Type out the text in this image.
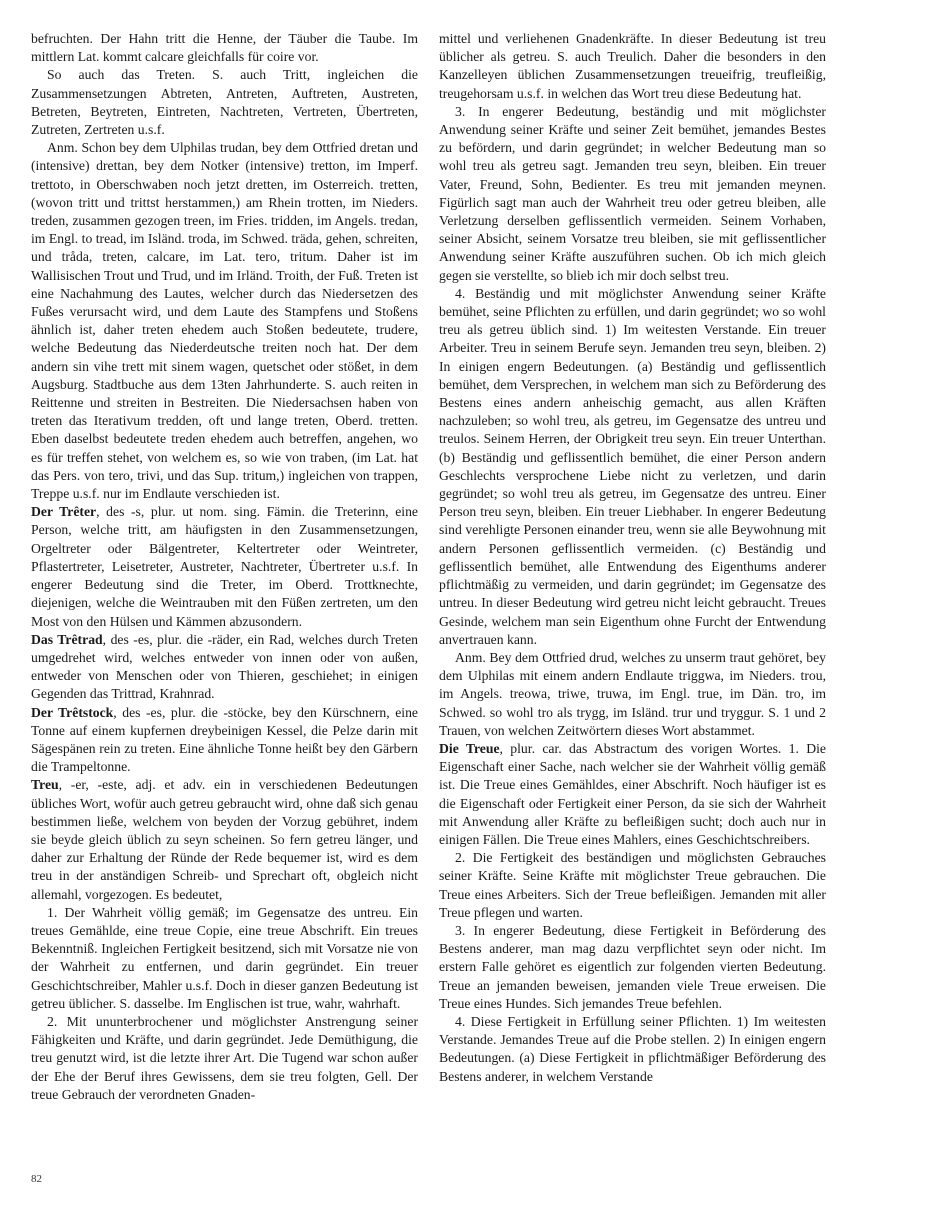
befruchten. Der Hahn tritt die Henne, der Täuber die Taube. Im mittlern Lat. kommt calcare gleichfalls für coire vor.

So auch das Treten. S. auch Tritt, ingleichen die Zusammensetzungen Abtreten, Antreten, Auftreten, Austreten, Betreten, Beytreten, Eintreten, Nachtreten, Vertreten, Übertreten, Zutreten, Zertreten u.s.f.

Anm. Schon bey dem Ulphilas trudan, bey dem Ottfried dretan und (intensive) drettan, bey dem Notker (intensive) tretton, im Imperf. trettoto, in Oberschwaben noch jetzt dretten, im Osterreich. tretten, (wovon tritt und trittst herstammen,) am Rhein trotten, im Nieders. treden, zusammen gezogen treen, im Fries. tridden, im Angels. tredan, im Engl. to tread, im Isländ. troda, im Schwed. träda, gehen, schreiten, und tråda, treten, calcare, im Lat. tero, tritum. Daher ist im Wallisischen Trout und Trud, und im Irländ. Troith, der Fuß. Treten ist eine Nachahmung des Lautes, welcher durch das Niedersetzen des Fußes verursacht wird, und dem Laute des Stampfens und Stoßens ähnlich ist, daher treten ehedem auch Stoßen bedeutete, trudere, welche Bedeutung das Niederdeutsche treiten noch hat. Der dem andern sin vihe trett mit sinem wagen, quetschet oder stößet, in dem Augsburg. Stadtbuche aus dem 13ten Jahrhunderte. S. auch reiten in Reittenne und streiten in Bestreiten. Die Niedersachsen haben von treten das Iterativum tredden, oft und lange treten, Oberd. tretten. Eben daselbst bedeutete treden ehedem auch betreffen, angehen, wo es für treffen stehet, von welchem es, so wie von traben, (im Lat. hat das Pers. von tero, trivi, und das Sup. tritum,) ingleichen von trappen, Treppe u.s.f. nur im Endlaute verschieden ist.

Der Trêter, des -s, plur. ut nom. sing. Fämin. die Treterinn, eine Person, welche tritt, am häufigsten in den Zusammensetzungen, Orgeltreter oder Bälgentreter, Keltertreter oder Weintreter, Pflastertreter, Leisetreter, Austreter, Nachtreter, Übertreter u.s.f. In engerer Bedeutung sind die Treter, im Oberd. Trottknechte, diejenigen, welche die Weintrauben mit den Füßen zertreten, um den Most von den Hülsen und Kämmen abzusondern.

Das Trêtrad, des -es, plur. die -räder, ein Rad, welches durch Treten umgedrehet wird, welches entweder von innen oder von außen, entweder von Menschen oder von Thieren, geschiehet; in einigen Gegenden das Trittrad, Krahnrad.

Der Trêtstock, des -es, plur. die -stöcke, bey den Kürschnern, eine Tonne auf einem kupfernen dreybeinigen Kessel, die Pelze darin mit Sägespänen rein zu treten. Eine ähnliche Tonne heißt bey den Gärbern die Trampeltonne.

Treu, -er, -este, adj. et adv. ein in verschiedenen Bedeutungen übliches Wort, wofür auch getreu gebraucht wird, ohne daß sich genau bestimmen ließe, welchem von beyden der Vorzug gebühret, indem sie beyde gleich üblich zu seyn scheinen. So fern getreu länger, und daher zur Erhaltung der Ründe der Rede bequemer ist, wird es dem treu in der anständigen Schreib- und Sprechart oft, obgleich nicht allemahl, vorgezogen. Es bedeutet,

1. Der Wahrheit völlig gemäß; im Gegensatze des untreu. Ein treues Gemählde, eine treue Copie, eine treue Abschrift. Ein treues Bekenntniß. Ingleichen Fertigkeit besitzend, sich mit Vorsatze nie von der Wahrheit zu entfernen, und darin gegründet. Ein treuer Geschichtschreiber, Mahler u.s.f. Doch in dieser ganzen Bedeutung ist getreu üblicher. S. dasselbe. Im Englischen ist true, wahr, wahrhaft.

2. Mit ununterbrochener und möglichster Anstrengung seiner Fähigkeiten und Kräfte, und darin gegründet. Jede Demüthigung, die treu genutzt wird, ist die letzte ihrer Art. Die Tugend war schon außer der Ehe der Beruf ihres Gewissens, dem sie treu folgten, Gell. Der treue Gebrauch der verordneten Gnaden-

mittel und verliehenen Gnadenkräfte. In dieser Bedeutung ist treu üblicher als getreu. S. auch Treulich. Daher die besonders in den Kanzelleyen üblichen Zusammensetzungen treueifrig, treufleißig, treugehorsam u.s.f. in welchen das Wort treu diese Bedeutung hat.

3. In engerer Bedeutung, beständig und mit möglichster Anwendung seiner Kräfte und seiner Zeit bemühet, jemandes Bestes zu befördern, und darin gegründet; in welcher Bedeutung man so wohl treu als getreu sagt. Jemanden treu seyn, bleiben. Ein treuer Vater, Freund, Sohn, Bedienter. Es treu mit jemanden meynen. Figürlich sagt man auch der Wahrheit treu oder getreu bleiben, alle Verletzung derselben geflissentlich vermeiden. Seinem Vorhaben, seiner Absicht, seinem Vorsatze treu bleiben, sie mit geflissentlicher Anwendung seiner Kräfte auszuführen suchen. Ob ich mich gleich gegen sie verstellte, so blieb ich mir doch selbst treu.

4. Beständig und mit möglichster Anwendung seiner Kräfte bemühet, seine Pflichten zu erfüllen, und darin gegründet; wo so wohl treu als getreu üblich sind. 1) Im weitesten Verstande. Ein treuer Arbeiter. Treu in seinem Berufe seyn. Jemanden treu seyn, bleiben. 2) In einigen engern Bedeutungen. (a) Beständig und geflissentlich bemühet, dem Versprechen, in welchem man sich zu Beförderung des Bestens eines andern anheischig gemacht, aus allen Kräften nachzuleben; so wohl treu, als getreu, im Gegensatze des untreu und treulos. Seinem Herren, der Obrigkeit treu seyn. Ein treuer Unterthan. (b) Beständig und geflissentlich bemühet, die einer Person andern Geschlechts versprochene Liebe nicht zu verletzen, und darin gegründet; so wohl treu als getreu, im Gegensatze des untreu. Einer Person treu seyn, bleiben. Ein treuer Liebhaber. In engerer Bedeutung sind verehligte Personen einander treu, wenn sie alle Beywohnung mit andern Personen geflissentlich vermeiden. (c) Beständig und geflissentlich bemühet, alle Entwendung des Eigenthums anderer pflichtmäßig zu vermeiden, und darin gegründet; im Gegensatze des untreu. In dieser Bedeutung wird getreu nicht leicht gebraucht. Treues Gesinde, welchem man sein Eigenthum ohne Furcht der Entwendung anvertrauen kann.

Anm. Bey dem Ottfried drud, welches zu unserm traut gehöret, bey dem Ulphilas mit einem andern Endlaute triggwa, im Nieders. trou, im Angels. treowa, triwe, truwa, im Engl. true, im Dän. tro, im Schwed. so wohl tro als trygg, im Isländ. trur und tryggur. S. 1 und 2 Trauen, von welchen Zeitwörtern dieses Wort abstammet.

Die Treue, plur. car. das Abstractum des vorigen Wortes. 1. Die Eigenschaft einer Sache, nach welcher sie der Wahrheit völlig gemäß ist. Die Treue eines Gemähldes, einer Abschrift. Noch häufiger ist es die Eigenschaft oder Fertigkeit einer Person, da sie sich der Wahrheit mit Anwendung aller Kräfte zu befleißigen sucht; doch auch nur in einigen Fällen. Die Treue eines Mahlers, eines Geschichtschreibers.

2. Die Fertigkeit des beständigen und möglichsten Gebrauches seiner Kräfte. Seine Kräfte mit möglichster Treue gebrauchen. Die Treue eines Arbeiters. Sich der Treue befleißigen. Jemanden mit aller Treue pflegen und warten.

3. In engerer Bedeutung, diese Fertigkeit in Beförderung des Bestens anderer, man mag dazu verpflichtet seyn oder nicht. Im erstern Falle gehöret es eigentlich zur folgenden vierten Bedeutung. Treue an jemanden beweisen, jemanden viele Treue erweisen. Die Treue eines Hundes. Sich jemandes Treue befehlen.

4. Diese Fertigkeit in Erfüllung seiner Pflichten. 1) Im weitesten Verstande. Jemandes Treue auf die Probe stellen. 2) In einigen engern Bedeutungen. (a) Diese Fertigkeit in pflichtmäßiger Beförderung des Bestens anderer, in welchem Verstande

82
